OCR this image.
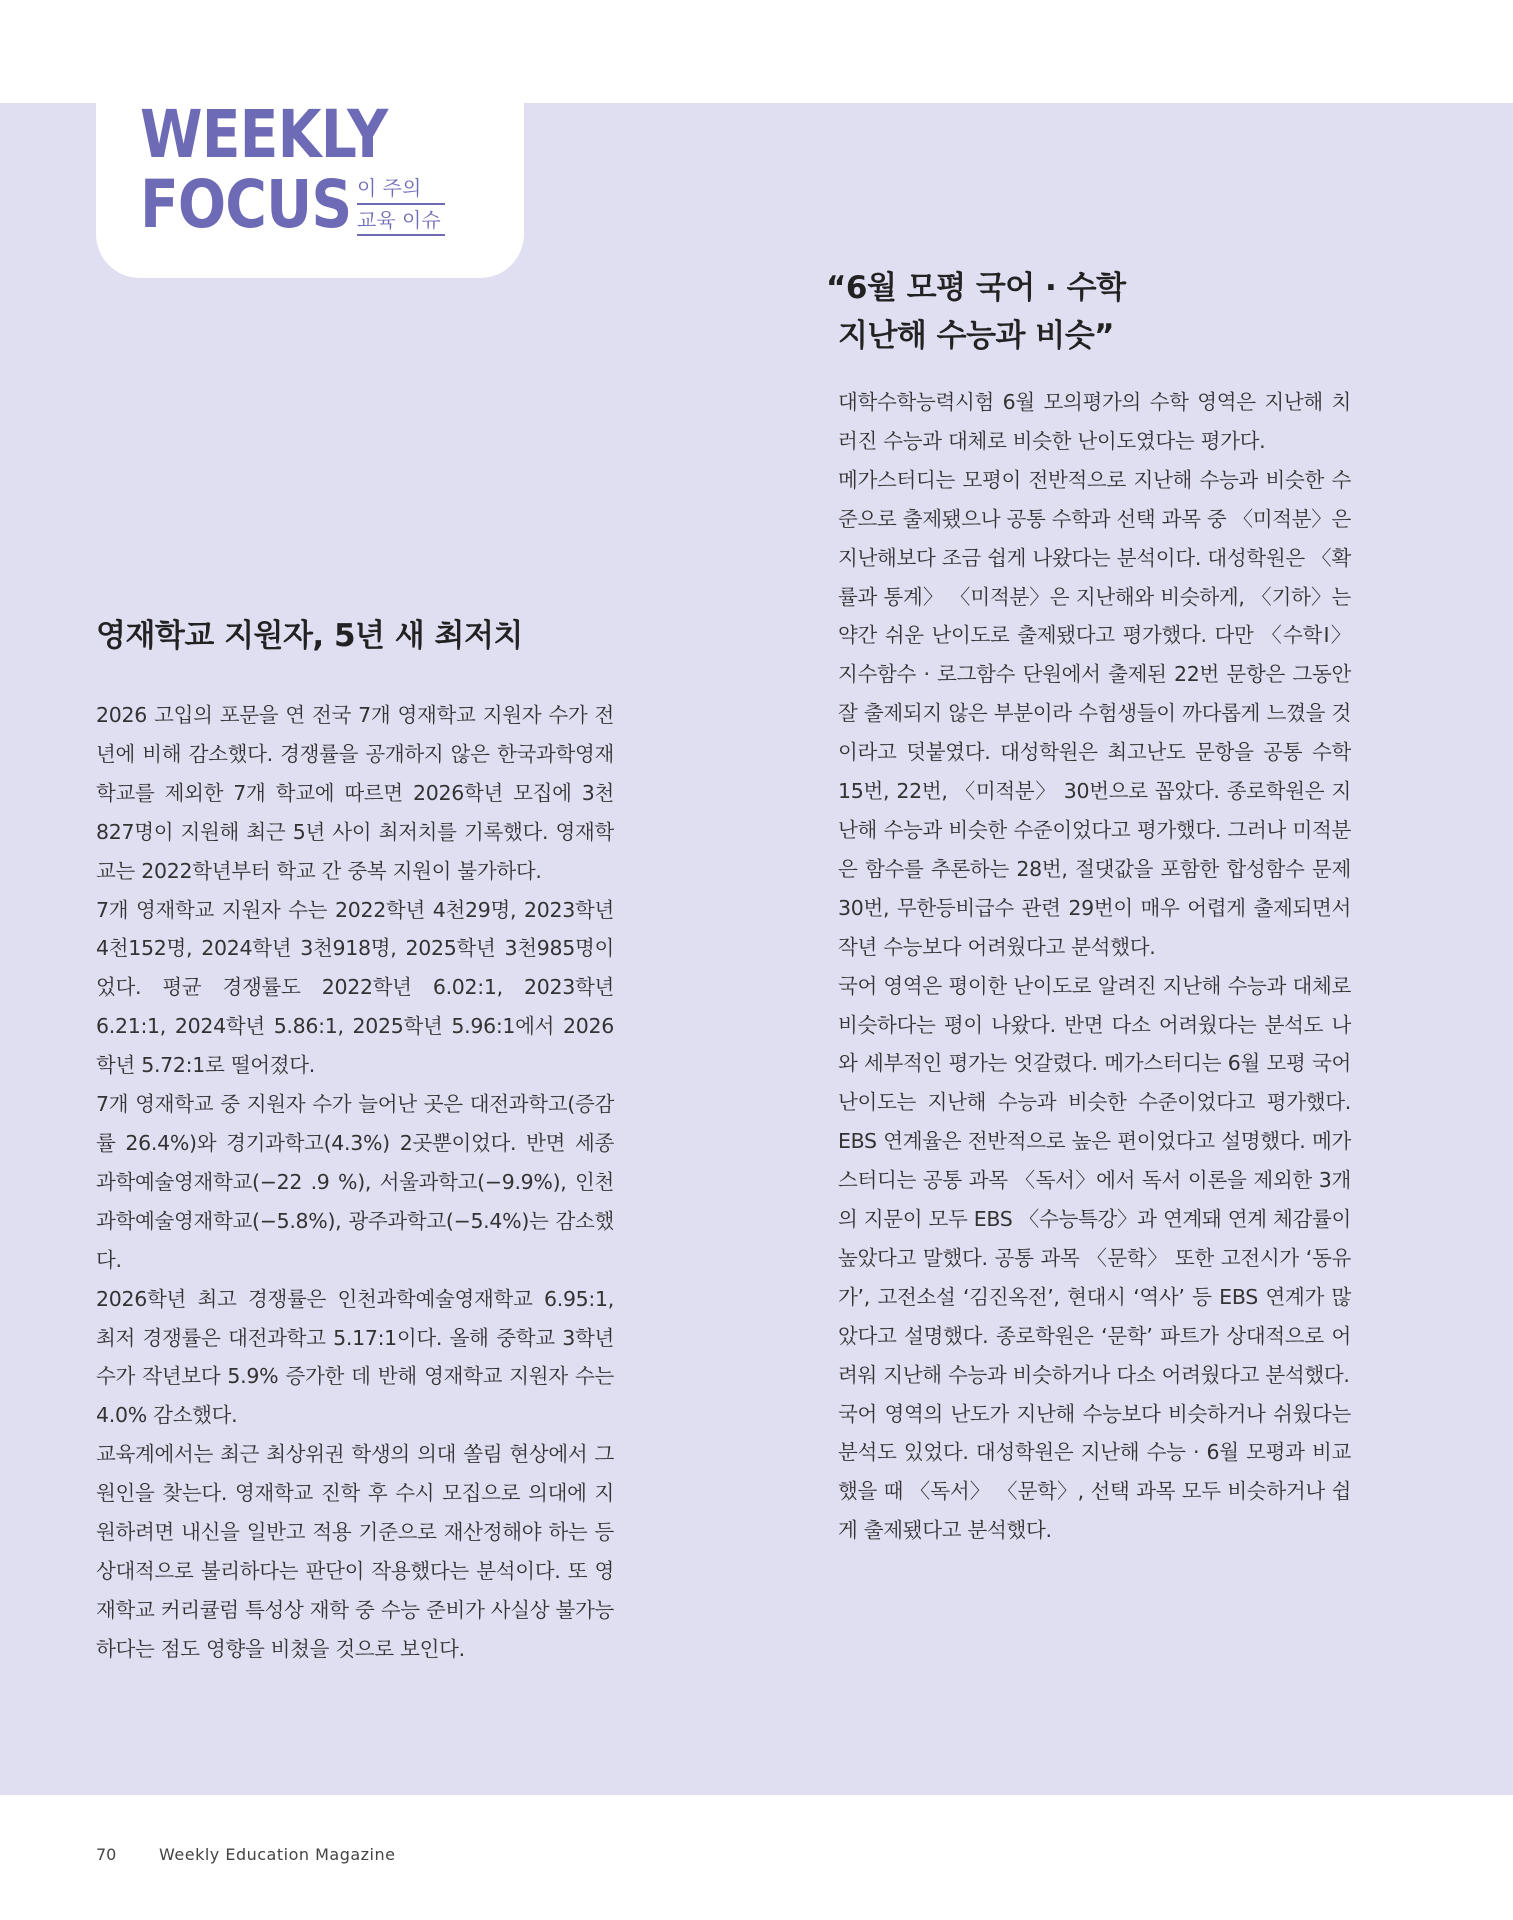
WEEKLY
FOCUS 이 주의
교육 이슈
“6월 모평 국어 · 수학
지난해 수능과 비슷”

대학수학능력시험 6월 모의평가의 수학 영역은 지난해 치러진 수능과 대체로 비슷한 난이도였다는 평가다.

메가스터디는 모평이 전반적으로 지난해 수능과 비슷한 수준으로 출제됐으나 공통 수학과 선택 과목 중 〈미적분〉은 지난해보다 조금 쉽게 나왔다는 분석이다. 대성학원은 〈확률과 통계〉 〈미적분〉은 지난해와 비슷하게, 〈기하〉는 약간 쉬운 난이도로 출제됐다고 평가했다. 다만 〈수학Ⅰ〉 지수함수 · 로그함수 단원에서 출제된 22번 문항은 그동안 잘 출제되지 않은 부분이라 수험생들이 까다롭게 느꼈을 것이라고 덧붙였다. 대성학원은 최고난도 문항을 공통 수학 15번, 22번, 〈미적분〉 30번으로 꼽았다. 종로학원은 지난해 수능과 비슷한 수준이었다고 평가했다. 그러나 미적분은 함수를 추론하는 28번, 절댓값을 포함한 합성함수 문제 30번, 무한등비급수 관련 29번이 매우 어렵게 출제되면서 작년 수능보다 어려웠다고 분석했다.

국어 영역은 평이한 난이도로 알려진 지난해 수능과 대체로 비슷하다는 평이 나왔다. 반면 다소 어려웠다는 분석도 나와 세부적인 평가는 엇갈렸다. 메가스터디는 6월 모평 국어 난이도는 지난해 수능과 비슷한 수준이었다고 평가했다. EBS 연계율은 전반적으로 높은 편이었다고 설명했다. 메가스터디는 공통 과목 〈독서〉에서 독서 이론을 제외한 3개의 지문이 모두 EBS 〈수능특강〉과 연계돼 연계 체감률이 높았다고 말했다. 공통 과목 〈문학〉 또한 고전시가 ‘동유가’, 고전소설 ‘김진옥전’, 현대시 ‘역사’ 등 EBS 연계가 많았다고 설명했다. 종로학원은 ‘문학’ 파트가 상대적으로 어려워 지난해 수능과 비슷하거나 다소 어려웠다고 분석했다.

국어 영역의 난도가 지난해 수능보다 비슷하거나 쉬웠다는 분석도 있었다. 대성학원은 지난해 수능 · 6월 모평과 비교했을 때 〈독서〉 〈문학〉, 선택 과목 모두 비슷하거나 쉽게 출제됐다고 분석했다.

영재학교 지원자, 5년 새 최저치

2026 고입의 포문을 연 전국 7개 영재학교 지원자 수가 전년에 비해 감소했다. 경쟁률을 공개하지 않은 한국과학영재학교를 제외한 7개 학교에 따르면 2026학년 모집에 3천827명이 지원해 최근 5년 사이 최저치를 기록했다. 영재학교는 2022학년부터 학교 간 중복 지원이 불가하다.

7개 영재학교 지원자 수는 2022학년 4천29명, 2023학년 4천152명, 2024학년 3천918명, 2025학년 3천985명이었다. 평균 경쟁률도 2022학년 6.02:1, 2023학년 6.21:1, 2024학년 5.86:1, 2025학년 5.96:1에서 2026학년 5.72:1로 떨어졌다.

7개 영재학교 중 지원자 수가 늘어난 곳은 대전과학고(증감률 26.4%)와 경기과학고(4.3%) 2곳뿐이었다. 반면 세종과학예술영재학교(−22 .9 %), 서울과학고(−9.9%), 인천과학예술영재학교(−5.8%), 광주과학고(−5.4%)는 감소했다.

2026학년 최고 경쟁률은 인천과학예술영재학교 6.95:1, 최저 경쟁률은 대전과학고 5.17:1이다. 올해 중학교 3학년 수가 작년보다 5.9% 증가한 데 반해 영재학교 지원자 수는 4.0% 감소했다.

교육계에서는 최근 최상위권 학생의 의대 쏠림 현상에서 그 원인을 찾는다. 영재학교 진학 후 수시 모집으로 의대에 지원하려면 내신을 일반고 적용 기준으로 재산정해야 하는 등 상대적으로 불리하다는 판단이 작용했다는 분석이다. 또 영재학교 커리큘럼 특성상 재학 중 수능 준비가 사실상 불가능하다는 점도 영향을 비쳤을 것으로 보인다.

70	Weekly Education Magazine
